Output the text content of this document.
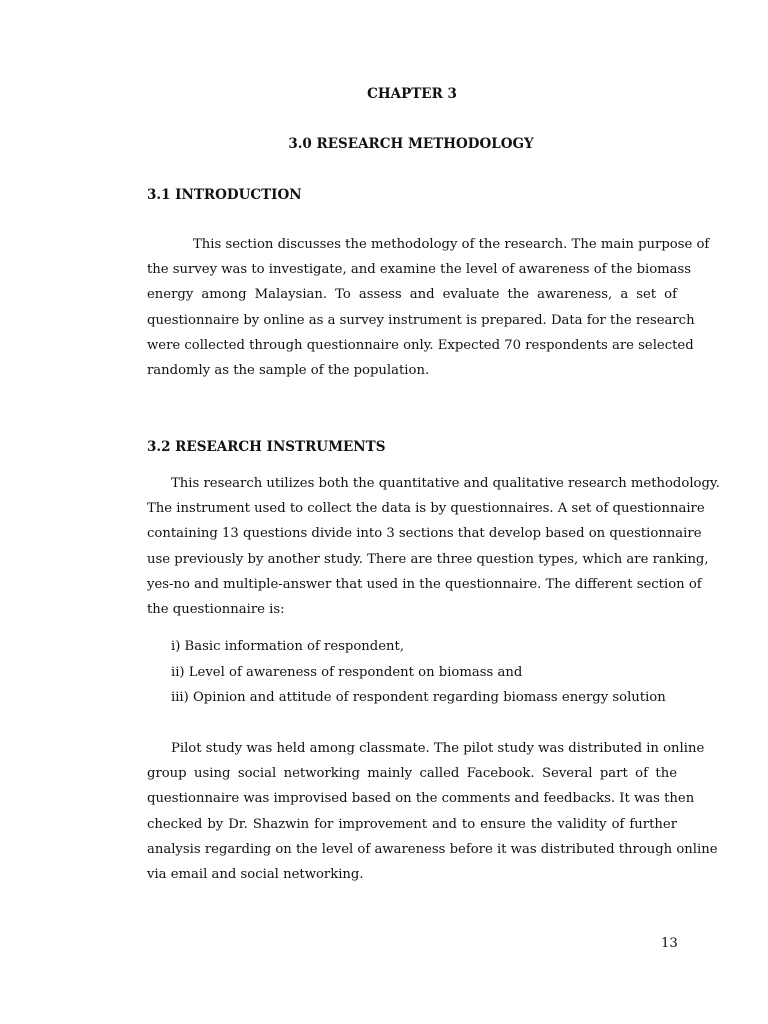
CHAPTER 3
3.0 RESEARCH METHODOLOGY
3.1 INTRODUCTION
This section discusses the methodology of the research. The main purpose of
the survey was to investigate, and examine the level of awareness of the biomass
energy among Malaysian. To assess and evaluate the awareness, a set of
questionnaire by online as a survey instrument is prepared. Data for the research
were collected through questionnaire only. Expected 70 respondents are selected
randomly as the sample of the population.
3.2 RESEARCH INSTRUMENTS
This research utilizes both the quantitative and qualitative research methodology.
The instrument used to collect the data is by questionnaires. A set of questionnaire
containing 13 questions divide into 3 sections that develop based on questionnaire
use previously by another study. There are three question types, which are ranking,
yes-no and multiple-answer that used in the questionnaire. The different section of
the questionnaire is:
i) Basic information of respondent,
ii) Level of awareness of respondent on biomass and
iii) Opinion and attitude of respondent regarding biomass energy solution
Pilot study was held among classmate. The pilot study was distributed in online
group using social networking mainly called Facebook. Several part of the
questionnaire was improvised based on the comments and feedbacks. It was then
checked by Dr. Shazwin for improvement and to ensure the validity of further
analysis regarding on the level of awareness before it was distributed through online
via email and social networking.
13
